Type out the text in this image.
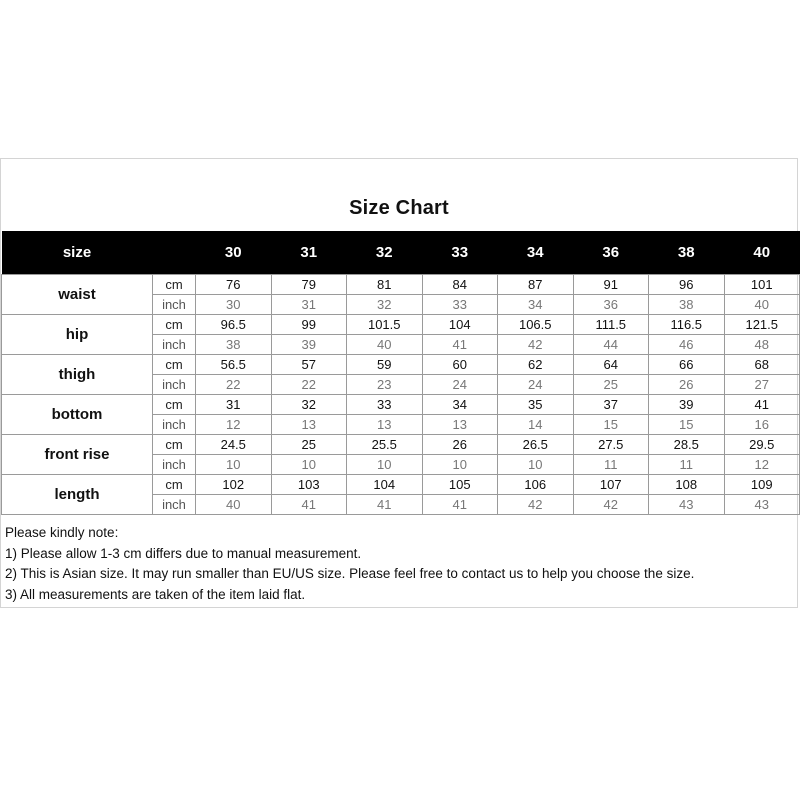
Size Chart
size		30	31	32	33	34	36	38	40
waist	cm	76	79	81	84	87	91	96	101
	inch	30	31	32	33	34	36	38	40
hip	cm	96.5	99	101.5	104	106.5	111.5	116.5	121.5
	inch	38	39	40	41	42	44	46	48
thigh	cm	56.5	57	59	60	62	64	66	68
	inch	22	22	23	24	24	25	26	27
bottom	cm	31	32	33	34	35	37	39	41
	inch	12	13	13	13	14	15	15	16
front rise	cm	24.5	25	25.5	26	26.5	27.5	28.5	29.5
	inch	10	10	10	10	10	11	11	12
length	cm	102	103	104	105	106	107	108	109
	inch	40	41	41	41	42	42	43	43
Please kindly note:
1) Please allow 1-3 cm differs due to manual measurement.
2) This is Asian size. It may run smaller than EU/US size. Please feel free to contact us to help you choose the size.
3) All measurements are taken of the item laid flat.
